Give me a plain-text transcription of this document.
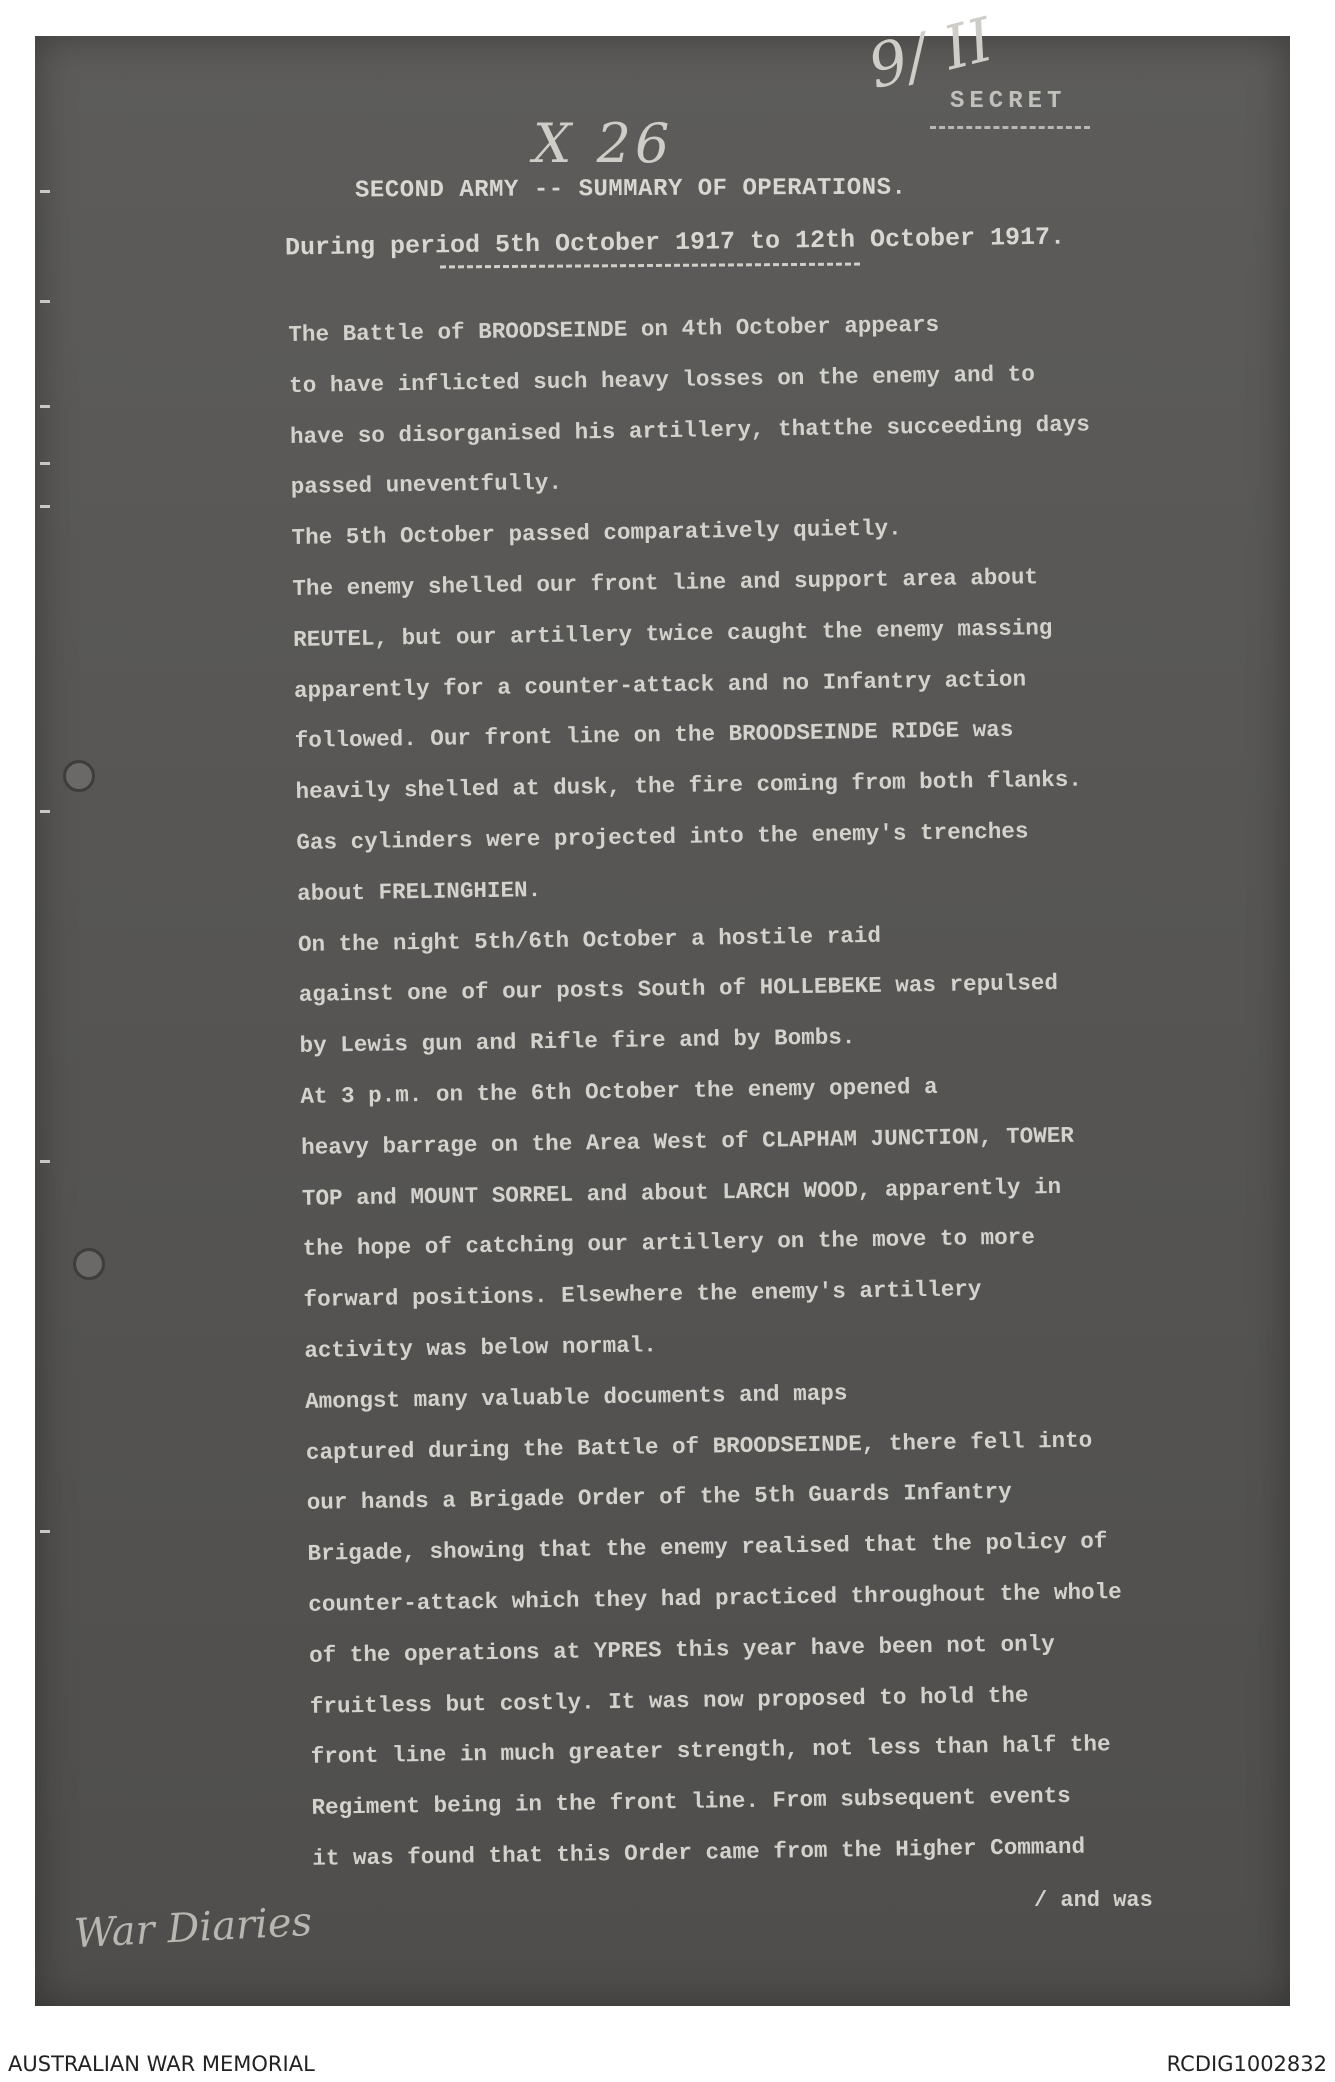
X 26

9/ II

SECRET

SECOND ARMY -- SUMMARY OF OPERATIONS.

During period 5th October 1917 to 12th October 1917.

The Battle of BROODSEINDE on 4th October appears
to have inflicted such heavy losses on the enemy and to
have so disorganised his artillery, thatthe succeeding days
passed uneventfully.
The 5th October passed comparatively quietly.
The enemy shelled our front line and support area about
REUTEL, but our artillery twice caught the enemy massing
apparently for a counter-attack and no Infantry action
followed. Our front line on the BROODSEINDE RIDGE was
heavily shelled at dusk, the fire coming from both flanks.
Gas cylinders were projected into the enemy's trenches
about FRELINGHIEN.
On the night 5th/6th October a hostile raid
against one of our posts South of HOLLEBEKE was repulsed
by Lewis gun and Rifle fire and by Bombs.
At 3 p.m. on the 6th October the enemy opened a
heavy barrage on the Area West of CLAPHAM JUNCTION, TOWER
TOP and MOUNT SORREL and about LARCH WOOD, apparently in
the hope of catching our artillery on the move to more
forward positions. Elsewhere the enemy's artillery
activity was below normal.
Amongst many valuable documents and maps
captured during the Battle of BROODSEINDE, there fell into
our hands a Brigade Order of the 5th Guards Infantry
Brigade, showing that the enemy realised that the policy of
counter-attack which they had practiced throughout the whole
of the operations at YPRES this year have been not only
fruitless but costly. It was now proposed to hold the
front line in much greater strength, not less than half the
Regiment being in the front line. From subsequent events
it was found that this Order came from the Higher Command

/ and was

War Diaries

AUSTRALIAN WAR MEMORIAL	RCDIG1002832
